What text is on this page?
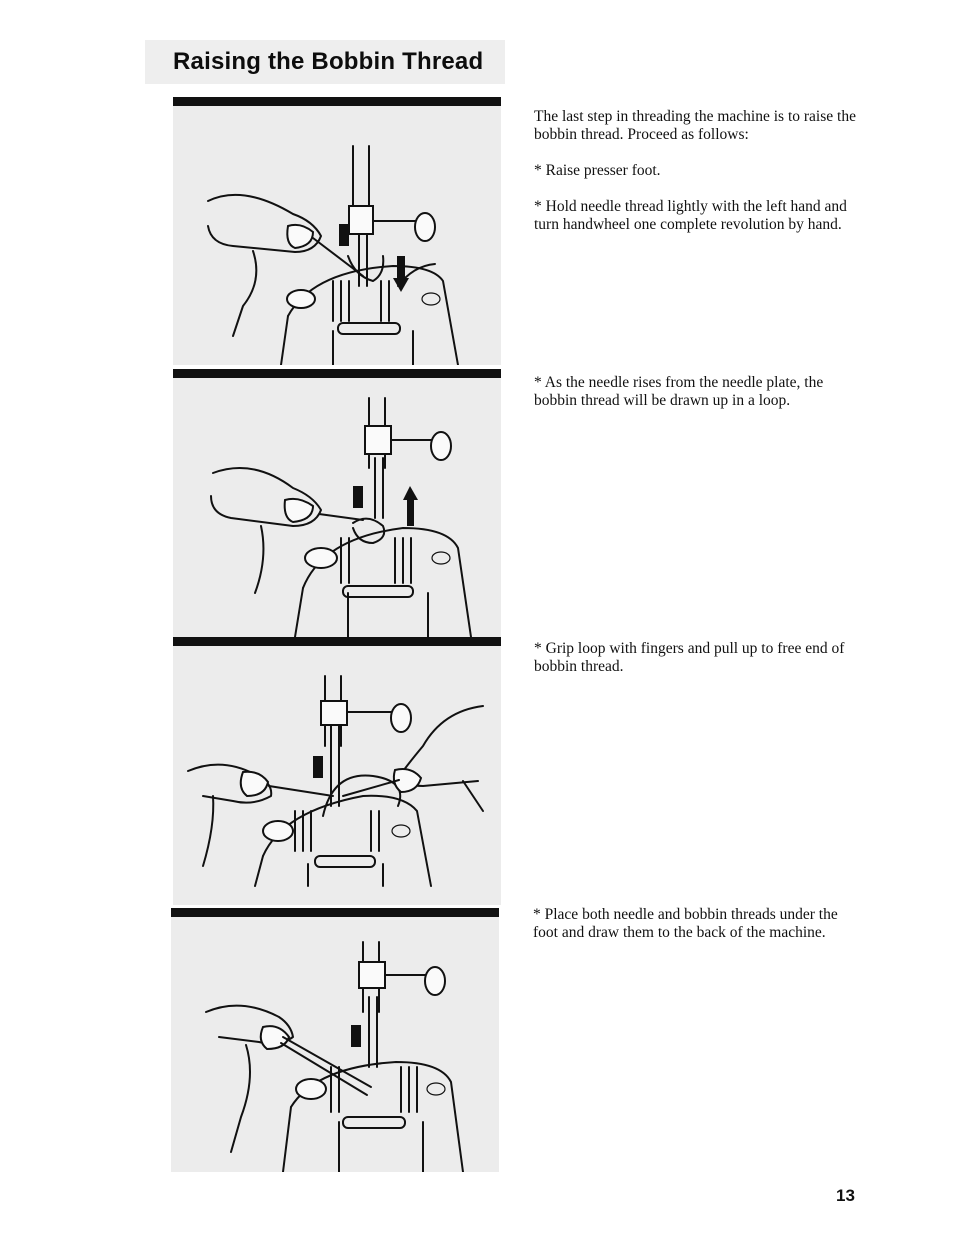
Raising the Bobbin Thread

The last step in threading the machine is to raise the bobbin thread. Proceed as follows:

* Raise presser foot.

* Hold needle thread lightly with the left hand and turn handwheel one complete revolution by hand.

* As the needle rises from the needle plate, the bobbin thread will be drawn up in a loop.

* Grip loop with fingers and pull up to free end of bobbin thread.

* Place both needle and bobbin threads under the foot and draw them to the back of the machine.

13
